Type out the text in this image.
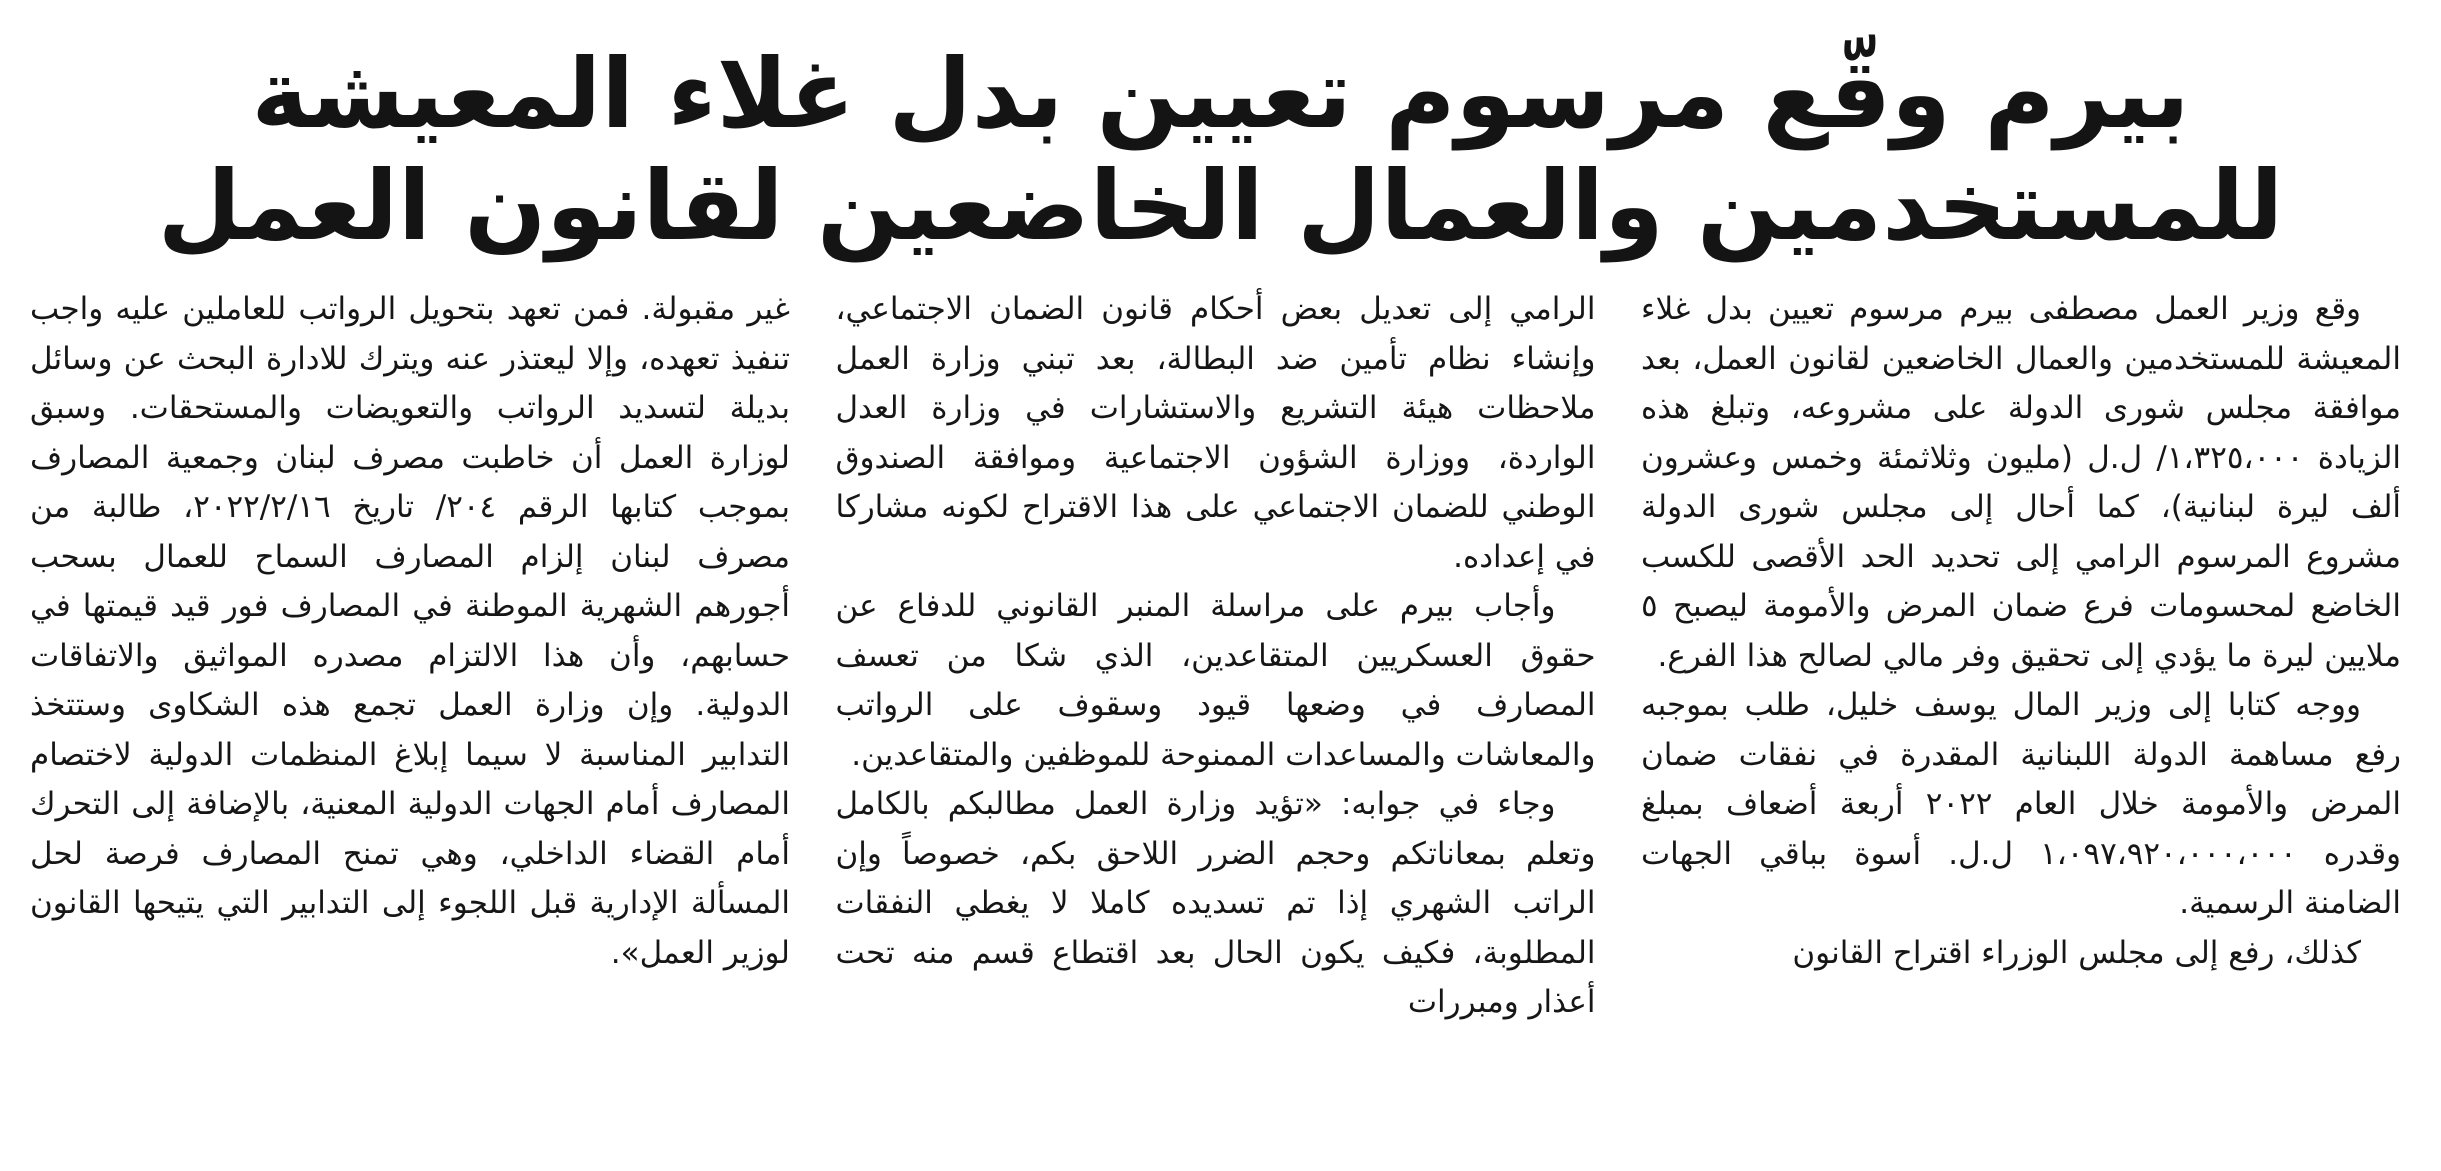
بيرم وقّع مرسوم تعيين بدل غلاء المعيشة
للمستخدمين والعمال الخاضعين لقانون العمل

وقع وزير العمل مصطفى بيرم مرسوم تعيين بدل غلاء المعيشة للمستخدمين والعمال الخاضعين لقانون العمل، بعد موافقة مجلس شورى الدولة على مشروعه، وتبلغ هذه الزيادة ١،٣٢٥،٠٠٠/ ل.ل (مليون وثلاثمئة وخمس وعشرون ألف ليرة لبنانية)، كما أحال إلى مجلس شورى الدولة مشروع المرسوم الرامي إلى تحديد الحد الأقصى للكسب الخاضع لمحسومات فرع ضمان المرض والأمومة ليصبح ٥ ملايين ليرة ما يؤدي إلى تحقيق وفر مالي لصالح هذا الفرع.

ووجه كتابا إلى وزير المال يوسف خليل، طلب بموجبه رفع مساهمة الدولة اللبنانية المقدرة في نفقات ضمان المرض والأمومة خلال العام ٢٠٢٢ أربعة أضعاف بمبلغ وقدره ١،٠٩٧،٩٢٠،٠٠٠،٠٠٠ ل.ل. أسوة بباقي الجهات الضامنة الرسمية.

كذلك، رفع إلى مجلس الوزراء اقتراح القانون

الرامي إلى تعديل بعض أحكام قانون الضمان الاجتماعي، وإنشاء نظام تأمين ضد البطالة، بعد تبني وزارة العمل ملاحظات هيئة التشريع والاستشارات في وزارة العدل الواردة، ووزارة الشؤون الاجتماعية وموافقة الصندوق الوطني للضمان الاجتماعي على هذا الاقتراح لكونه مشاركا في إعداده.

وأجاب بيرم على مراسلة المنبر القانوني للدفاع عن حقوق العسكريين المتقاعدين، الذي شكا من تعسف المصارف في وضعها قيود وسقوف على الرواتب والمعاشات والمساعدات الممنوحة للموظفين والمتقاعدين.

وجاء في جوابه: «تؤيد وزارة العمل مطالبكم بالكامل وتعلم بمعاناتكم وحجم الضرر اللاحق بكم، خصوصاً وإن الراتب الشهري إذا تم تسديده كاملا لا يغطي النفقات المطلوبة، فكيف يكون الحال بعد اقتطاع قسم منه تحت أعذار ومبررات

غير مقبولة. فمن تعهد بتحويل الرواتب للعاملين عليه واجب تنفيذ تعهده، وإلا ليعتذر عنه ويترك للادارة البحث عن وسائل بديلة لتسديد الرواتب والتعويضات والمستحقات. وسبق لوزارة العمل أن خاطبت مصرف لبنان وجمعية المصارف بموجب كتابها الرقم ٢٠٤/ تاريخ ٢٠٢٢/٢/١٦، طالبة من مصرف لبنان إلزام المصارف السماح للعمال بسحب أجورهم الشهرية الموطنة في المصارف فور قيد قيمتها في حسابهم، وأن هذا الالتزام مصدره المواثيق والاتفاقات الدولية. وإن وزارة العمل تجمع هذه الشكاوى وستتخذ التدابير المناسبة لا سيما إبلاغ المنظمات الدولية لاختصام المصارف أمام الجهات الدولية المعنية، بالإضافة إلى التحرك أمام القضاء الداخلي، وهي تمنح المصارف فرصة لحل المسألة الإدارية قبل اللجوء إلى التدابير التي يتيحها القانون لوزير العمل».
